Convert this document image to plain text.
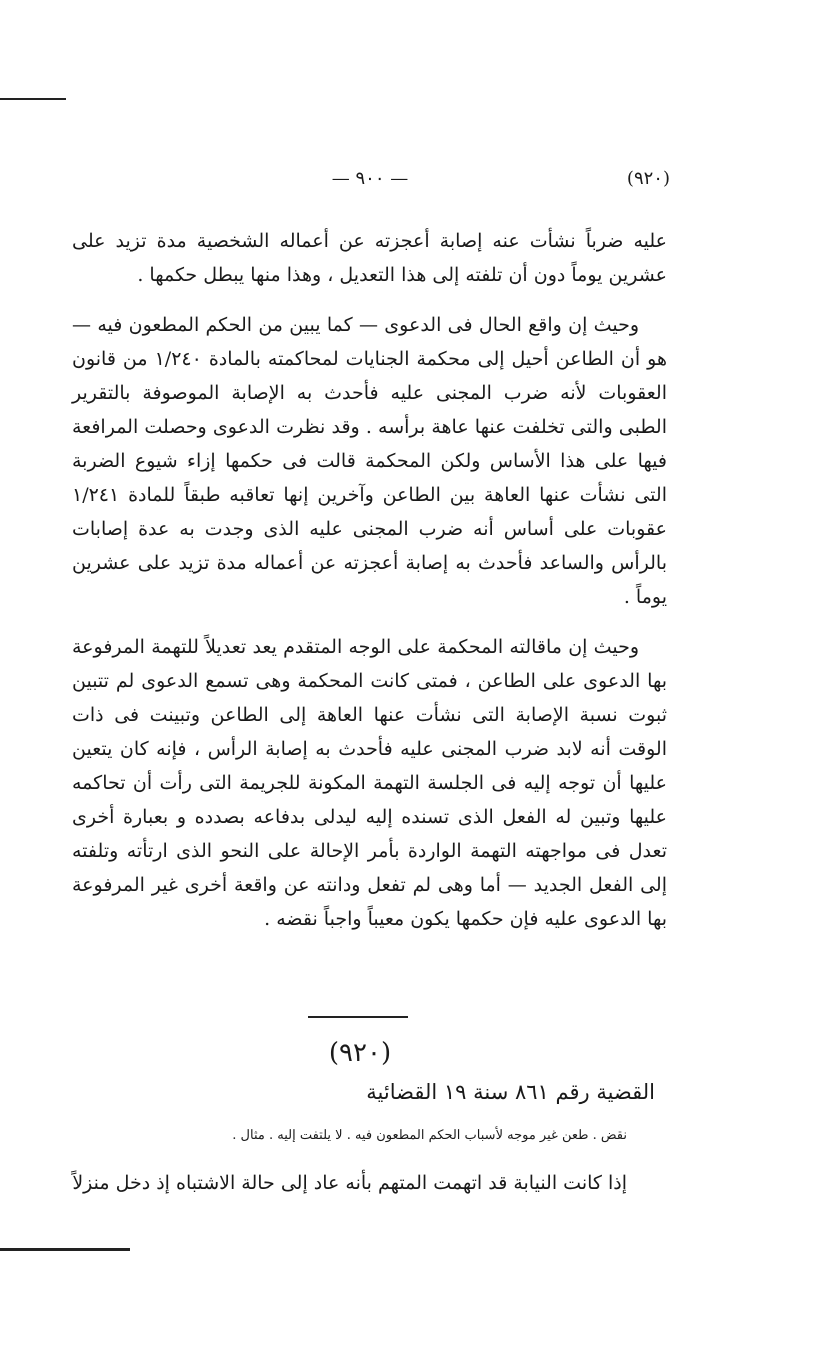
(٩٢٠)
— ٩٠٠ —

عليه ضرباً نشأت عنه إصابة أعجزته عن أعماله الشخصية مدة تزيد على عشرين يوماً دون أن تلفته إلى هذا التعديل ، وهذا منها يبطل حكمها .

وحيث إن واقع الحال فى الدعوى — كما يبين من الحكم المطعون فيه — هو أن الطاعن أحيل إلى محكمة الجنايات لمحاكمته بالمادة ١/٢٤٠ من قانون العقوبات لأنه ضرب المجنى عليه فأحدث به الإصابة الموصوفة بالتقرير الطبى والتى تخلفت عنها عاهة برأسه . وقد نظرت الدعوى وحصلت المرافعة فيها على هذا الأساس ولكن المحكمة قالت فى حكمها إزاء شيوع الضربة التى نشأت عنها العاهة بين الطاعن وآخرين إنها تعاقبه طبقاً للمادة ١/٢٤١ عقوبات على أساس أنه ضرب المجنى عليه الذى وجدت به عدة إصابات بالرأس والساعد فأحدث به إصابة أعجزته عن أعماله مدة تزيد على عشرين يوماً .

وحيث إن ماقالته المحكمة على الوجه المتقدم يعد تعديلاً للتهمة المرفوعة بها الدعوى على الطاعن ، فمتى كانت المحكمة وهى تسمع الدعوى لم تتبين ثبوت نسبة الإصابة التى نشأت عنها العاهة إلى الطاعن وتبينت فى ذات الوقت أنه لابد ضرب المجنى عليه فأحدث به إصابة الرأس ، فإنه كان يتعين عليها أن توجه إليه فى الجلسة التهمة المكونة للجريمة التى رأت أن تحاكمه عليها وتبين له الفعل الذى تسنده إليه ليدلى بدفاعه بصدده و بعبارة أخرى تعدل فى مواجهته التهمة الواردة بأمر الإحالة على النحو الذى ارتأته وتلفته إلى الفعل الجديد — أما وهى لم تفعل ودانته عن واقعة أخرى غير المرفوعة بها الدعوى عليه فإن حكمها يكون معيباً واجباً نقضه .

(٩٢٠)
القضية رقم ٨٦١ سنة ١٩ القضائية
نقض . طعن غير موجه لأسباب الحكم المطعون فيه . لا يلتفت إليه . مثال .
إذا كانت النيابة قد اتهمت المتهم بأنه عاد إلى حالة الاشتباه إذ دخل منزلاً
